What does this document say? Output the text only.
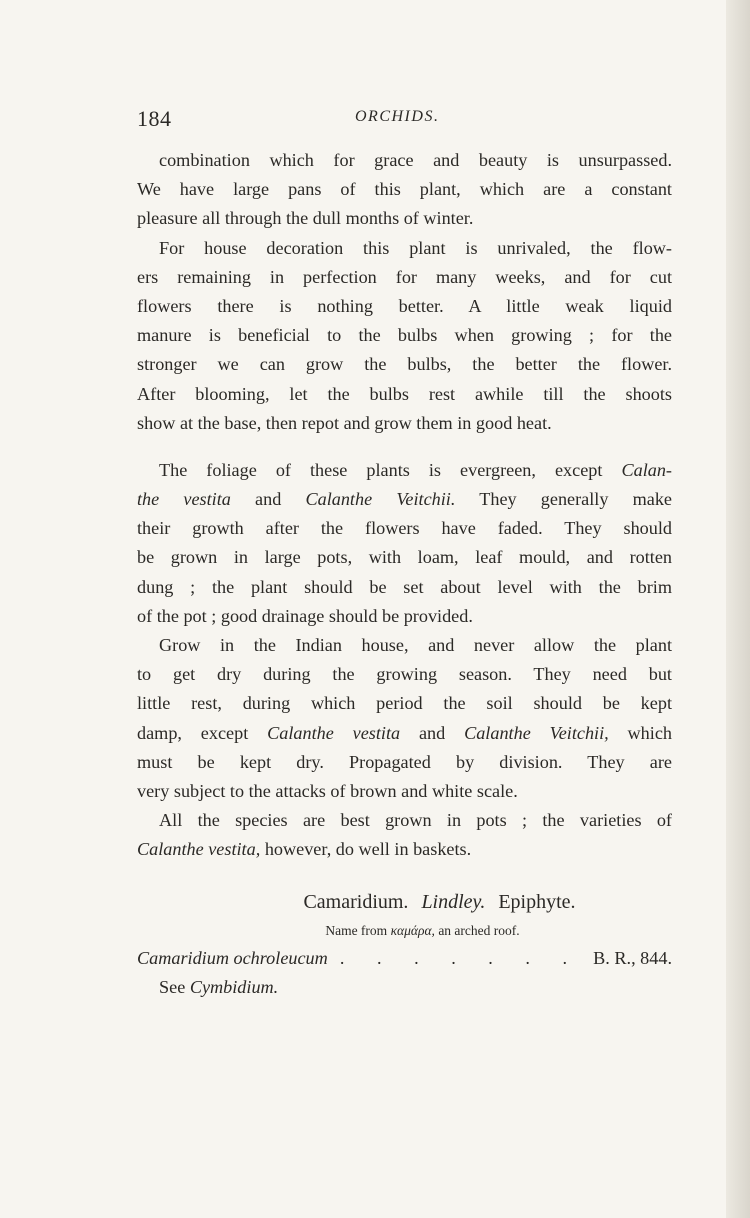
184	ORCHIDS.
combination which for grace and beauty is unsurpassed.
We have large pans of this plant, which are a constant
pleasure all through the dull months of winter.
For house decoration this plant is unrivaled, the flow-
ers remaining in perfection for many weeks, and for cut
flowers there is nothing better. A little weak liquid
manure is beneficial to the bulbs when growing ; for the
stronger we can grow the bulbs, the better the flower.
After blooming, let the bulbs rest awhile till the shoots
show at the base, then repot and grow them in good heat.
The foliage of these plants is evergreen, except Calan-
the vestita and Calanthe Veitchii. They generally make
their growth after the flowers have faded. They should
be grown in large pots, with loam, leaf mould, and rotten
dung ; the plant should be set about level with the brim
of the pot ; good drainage should be provided.
Grow in the Indian house, and never allow the plant
to get dry during the growing season. They need but
little rest, during which period the soil should be kept
damp, except Calanthe vestita and Calanthe Veitchii, which
must be kept dry. Propagated by division. They are
very subject to the attacks of brown and white scale.
All the species are best grown in pots ; the varieties of
Calanthe vestita, however, do well in baskets.
Camaridium. Lindley. Epiphyte.
Name from καμάρα, an arched roof.
Camaridium ochroleucum . . . . . . . B. R., 844.
See Cymbidium.
